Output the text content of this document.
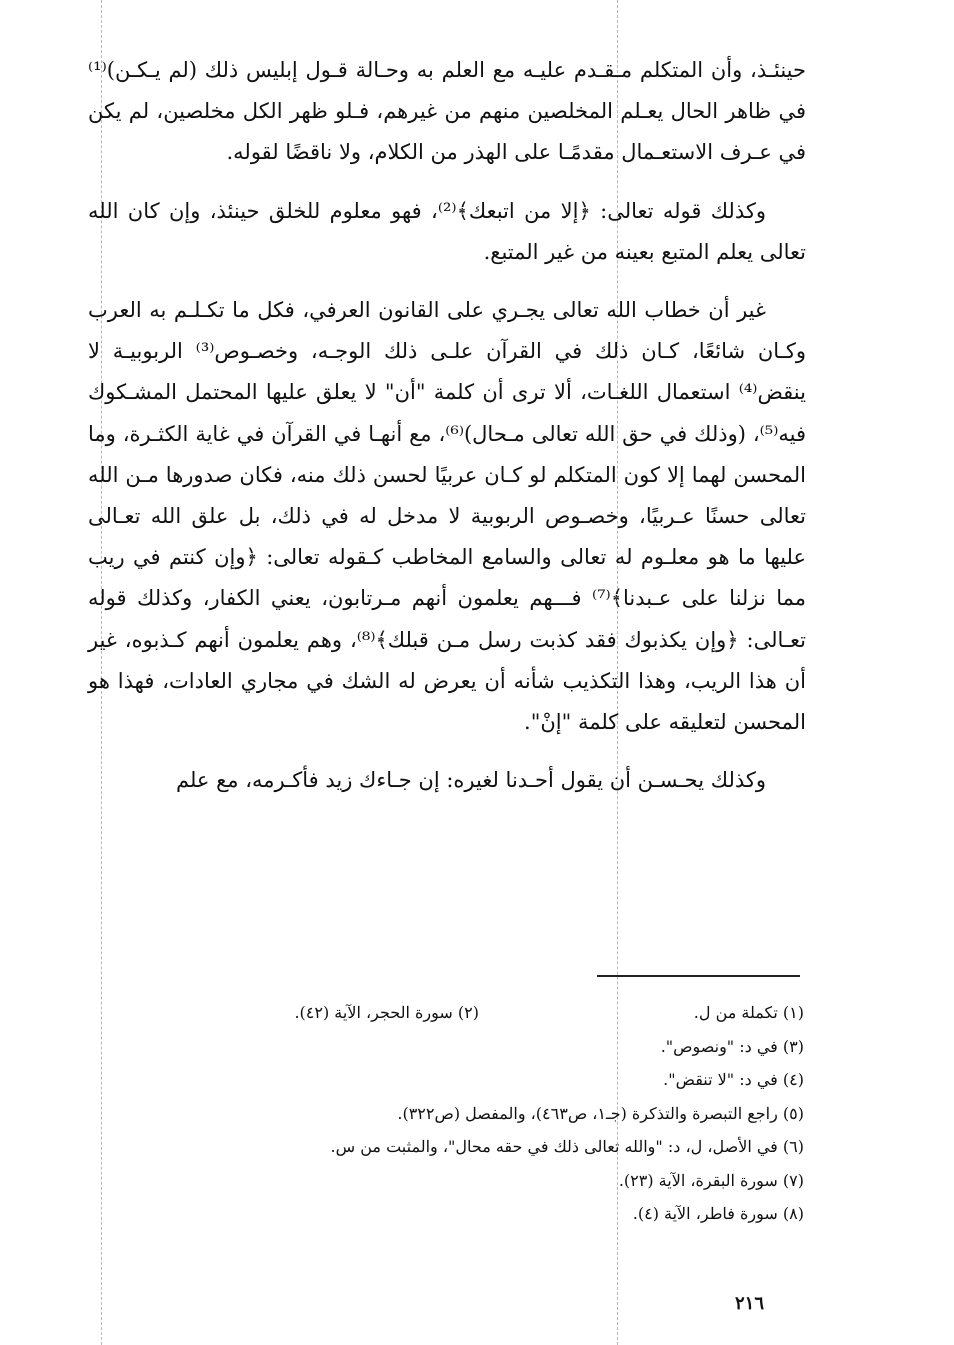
حينئـذ، وأن المتكلم مـقـدم عليـه مع العلم به وحـالة قـول إبليس ذلك (لم يـكـن)⁽¹⁾ في ظاهر الحال يعـلم المخلصين منهم من غيرهم، فـلو ظهر الكل مخلصين، لم يكن في عـرف الاستعـمال مقدمًـا على الهذر من الكلام، ولا ناقضًا لقوله.

وكذلك قوله تعالى: ﴿إلا من اتبعك﴾⁽²⁾، فهو معلوم للخلق حينئذ، وإن كان الله تعالى يعلم المتبع بعينه من غير المتبع.

غير أن خطاب الله تعالى يجـري على القانون العرفي، فكل ما تكـلـم به العرب وكـان شائعًا، كـان ذلك في القرآن علـى ذلك الوجـه، وخصـوص⁽³⁾ الربوبيـة لا ينقض⁽⁴⁾ استعمال اللغـات، ألا ترى أن كلمة "أن" لا يعلق عليها المحتمل المشـكوك فيه⁽⁵⁾، (وذلك في حق الله تعالى مـحال)⁽⁶⁾، مع أنهـا في القرآن في غاية الكثـرة، وما المحسن لهما إلا كون المتكلم لو كـان عربيًا لحسن ذلك منه، فكان صدورها مـن الله تعالى حسنًا عـربيًا، وخصـوص الربوبية لا مدخل له في ذلك، بل علق الله تعـالى عليها ما هو معلـوم له تعالى والسامع المخاطب كـقوله تعالى: ﴿وإن كنتم في ريب مما نزلنا على عـبدنا﴾⁽⁷⁾ فـــهم يعلمون أنهم مـرتابون، يعني الكفار، وكذلك قوله تعـالى: ﴿وإن يكذبوك فقد كذبت رسل مـن قبلك﴾⁽⁸⁾، وهم يعلمون أنهم كـذبوه، غير أن هذا الريب، وهذا التكذيب شأنه أن يعرض له الشك في مجاري العادات، فهذا هو المحسن لتعليقه على كلمة "إنْ".

وكذلك يحـسـن أن يقول أحـدنا لغيره: إن جـاءك زيد فأكـرمه، مع علم

(١) تكملة من ل.
(٢) سورة الحجر، الآية (٤٢).
(٣) في د: "ونصوص".
(٤) في د: "لا تنقض".
(٥) راجع التبصرة والتذكرة (جـ١، ص٤٦٣)، والمفصل (ص٣٢٢).
(٦) في الأصل، ل، د: "والله تعالى ذلك في حقه محال"، والمثبت من س.
(٧) سورة البقرة، الآية (٢٣).
(٨) سورة فاطر، الآية (٤).
٢١٦
